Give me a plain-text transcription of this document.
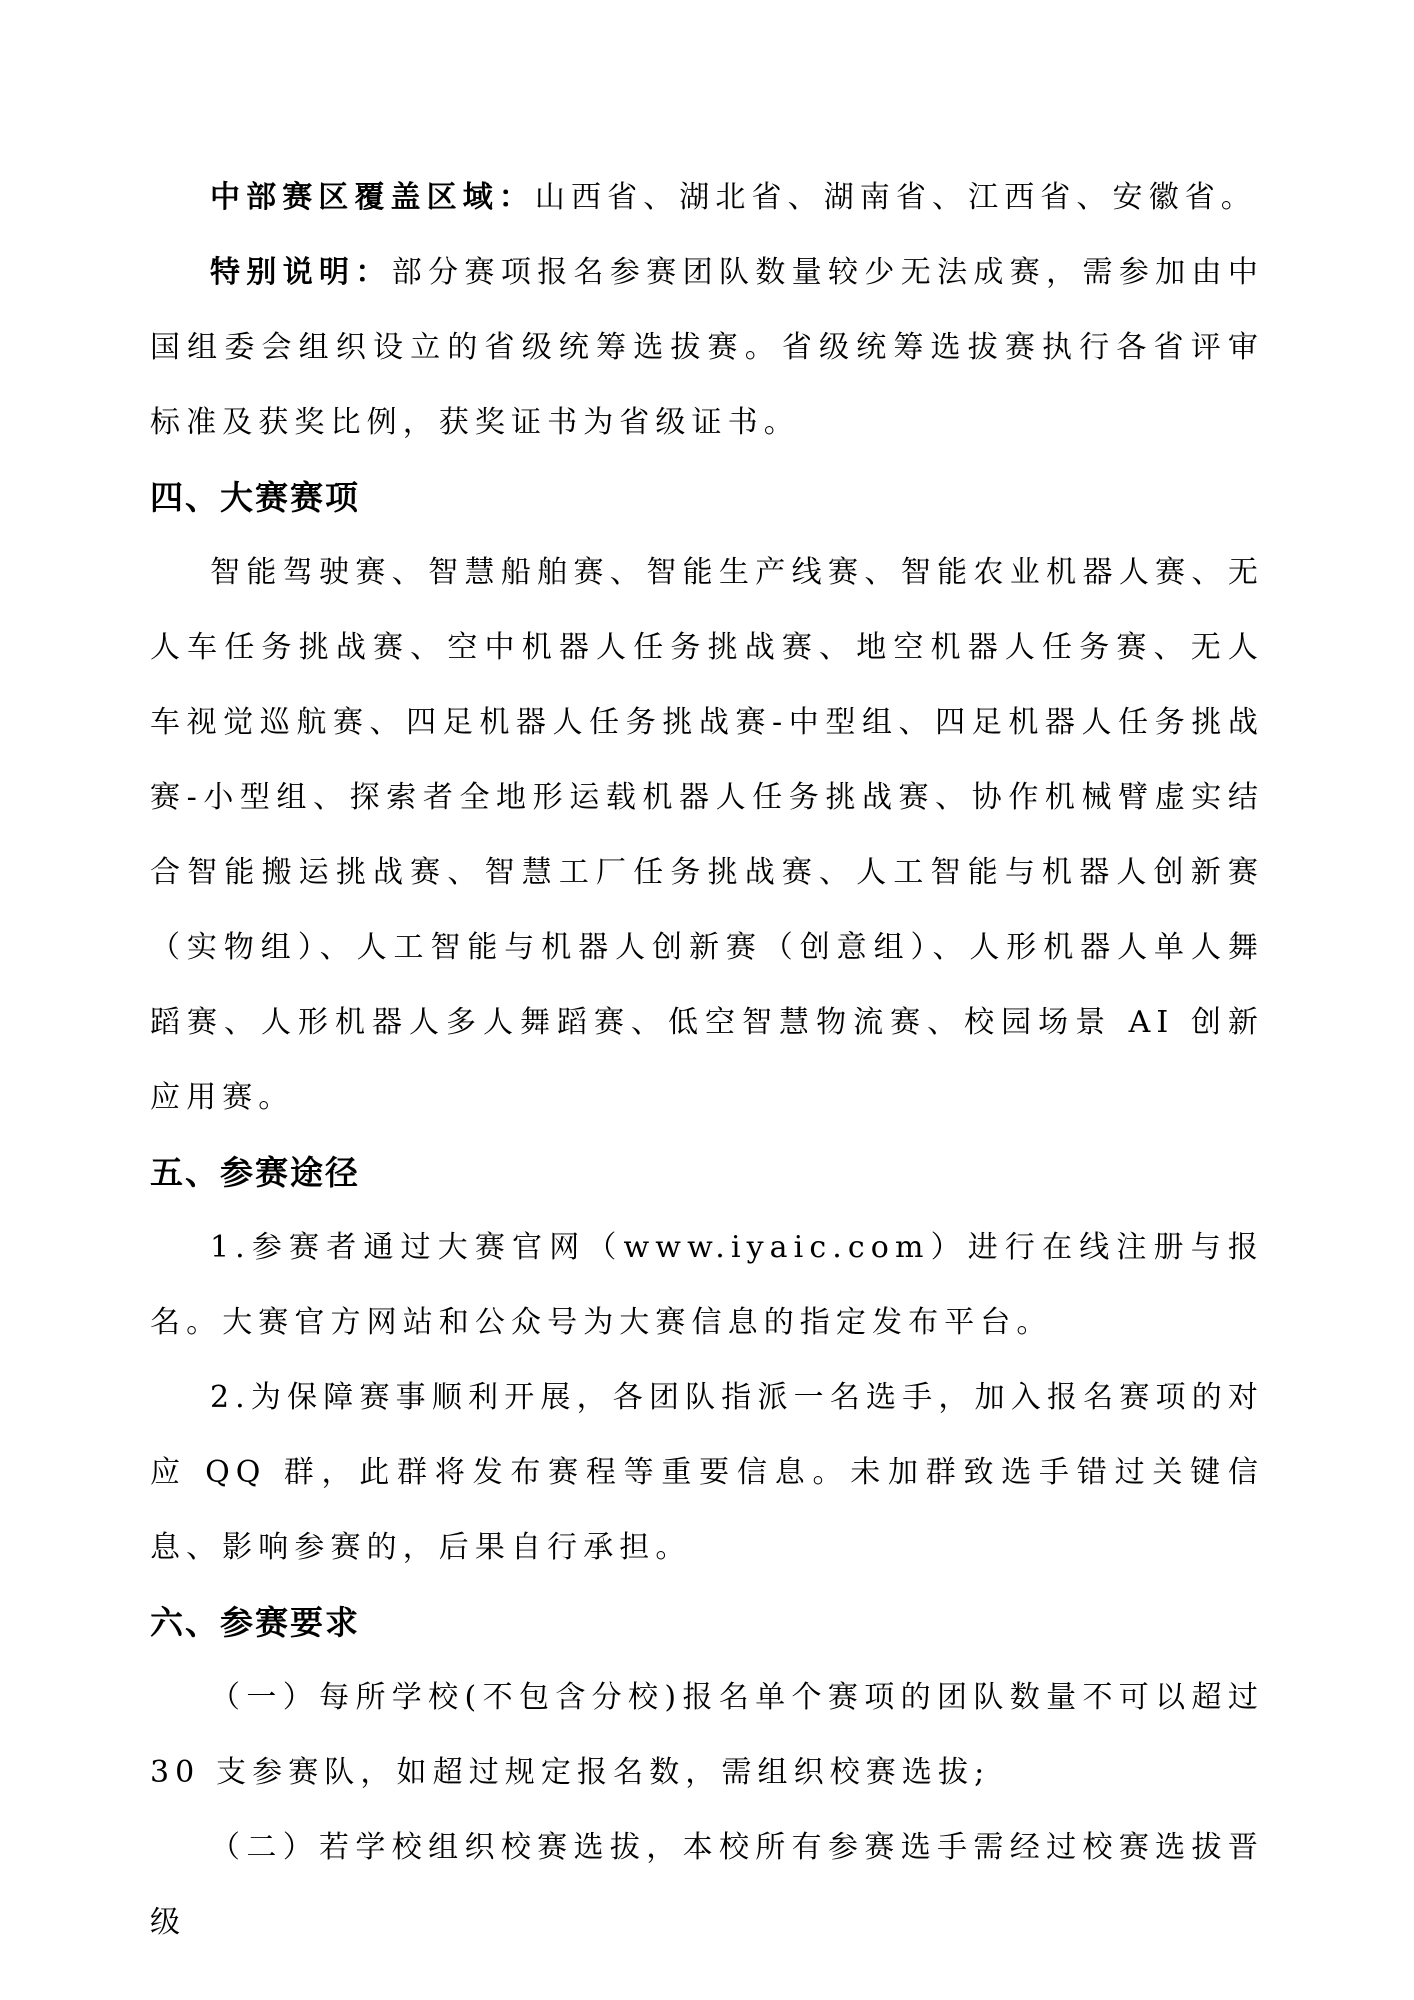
中部赛区覆盖区域：山西省、湖北省、湖南省、江西省、安徽省。

特别说明：部分赛项报名参赛团队数量较少无法成赛，需参加由中国组委会组织设立的省级统筹选拔赛。省级统筹选拔赛执行各省评审标准及获奖比例，获奖证书为省级证书。

四、大赛赛项

智能驾驶赛、智慧船舶赛、智能生产线赛、智能农业机器人赛、无人车任务挑战赛、空中机器人任务挑战赛、地空机器人任务赛、无人车视觉巡航赛、四足机器人任务挑战赛-中型组、四足机器人任务挑战赛-小型组、探索者全地形运载机器人任务挑战赛、协作机械臂虚实结合智能搬运挑战赛、智慧工厂任务挑战赛、人工智能与机器人创新赛（实物组）、人工智能与机器人创新赛（创意组）、人形机器人单人舞蹈赛、人形机器人多人舞蹈赛、低空智慧物流赛、校园场景 AI 创新应用赛。

五、参赛途径

1.参赛者通过大赛官网（www.iyaic.com）进行在线注册与报名。大赛官方网站和公众号为大赛信息的指定发布平台。

2.为保障赛事顺利开展，各团队指派一名选手，加入报名赛项的对应 QQ 群，此群将发布赛程等重要信息。未加群致选手错过关键信息、影响参赛的，后果自行承担。

六、参赛要求

（一）每所学校(不包含分校)报名单个赛项的团队数量不可以超过 30 支参赛队，如超过规定报名数，需组织校赛选拔;

（二）若学校组织校赛选拔，本校所有参赛选手需经过校赛选拔晋级
